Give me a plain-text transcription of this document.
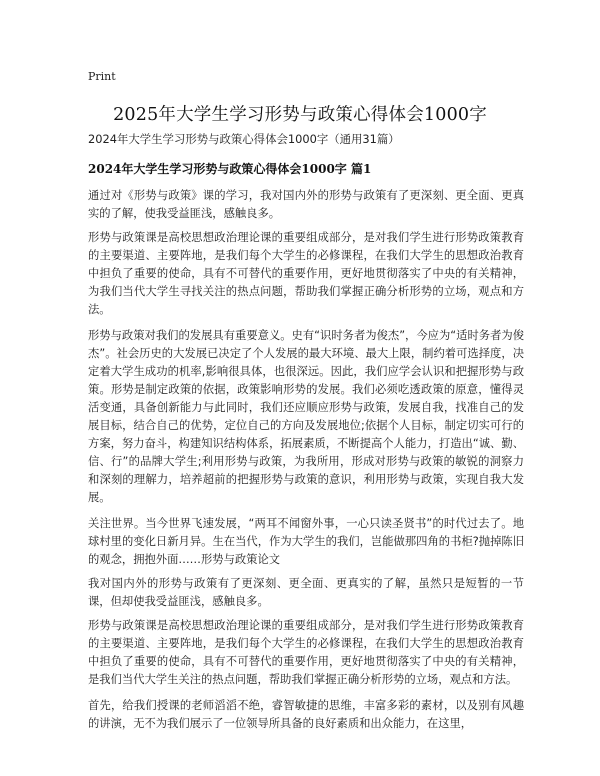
Print
2025年大学生学习形势与政策心得体会1000字
2024年大学生学习形势与政策心得体会1000字（通用31篇）
2024年大学生学习形势与政策心得体会1000字 篇1

通过对《形势与政策》课的学习，我对国内外的形势与政策有了更深刻、更全面、更真实的了解，使我受益匪浅，感触良多。

形势与政策课是高校思想政治理论课的重要组成部分，是对我们学生进行形势政策教育的主要渠道、主要阵地，是我们每个大学生的必修课程，在我们大学生的思想政治教育中担负了重要的使命，具有不可替代的重要作用，更好地贯彻落实了中央的有关精神，为我们当代大学生寻找关注的热点问题，帮助我们掌握正确分析形势的立场，观点和方法。

形势与政策对我们的发展具有重要意义。史有“识时务者为俊杰”，今应为“适时务者为俊杰”。社会历史的大发展已决定了个人发展的最大环境、最大上限，制约着可选择度，决定着大学生成功的机率,影响很具体，也很深远。因此，我们应学会认识和把握形势与政策。形势是制定政策的依据，政策影响形势的发展。我们必须吃透政策的原意，懂得灵活变通，具备创新能力与此同时，我们还应顺应形势与政策，发展自我，找准自己的发展目标，结合自己的优势，定位自己的方向及发展地位;依据个人目标，制定切实可行的方案，努力奋斗，构建知识结构体系，拓展素质，不断提高个人能力，打造出“诚、勤、信、行”的品牌大学生;利用形势与政策，为我所用，形成对形势与政策的敏锐的洞察力和深刻的理解力，培养超前的把握形势与政策的意识，利用形势与政策，实现自我大发展。

关注世界。当今世界飞速发展，“两耳不闻窗外事，一心只读圣贤书”的时代过去了。地球村里的变化日新月异。生在当代，作为大学生的我们，岂能做那四角的书柜?抛掉陈旧的观念，拥抱外面……形势与政策论文

我对国内外的形势与政策有了更深刻、更全面、更真实的了解，虽然只是短暂的一节课，但却使我受益匪浅，感触良多。

形势与政策课是高校思想政治理论课的重要组成部分，是对我们学生进行形势政策教育的主要渠道、主要阵地，是我们每个大学生的必修课程，在我们大学生的思想政治教育中担负了重要的使命，具有不可替代的重要作用，更好地贯彻落实了中央的有关精神，是我们当代大学生关注的热点问题，帮助我们掌握正确分析形势的立场，观点和方法。

首先，给我们授课的老师滔滔不绝，睿智敏捷的思维，丰富多彩的素材，以及别有风趣的讲演，无不为我们展示了一位领导所具备的良好素质和出众能力，在这里，
